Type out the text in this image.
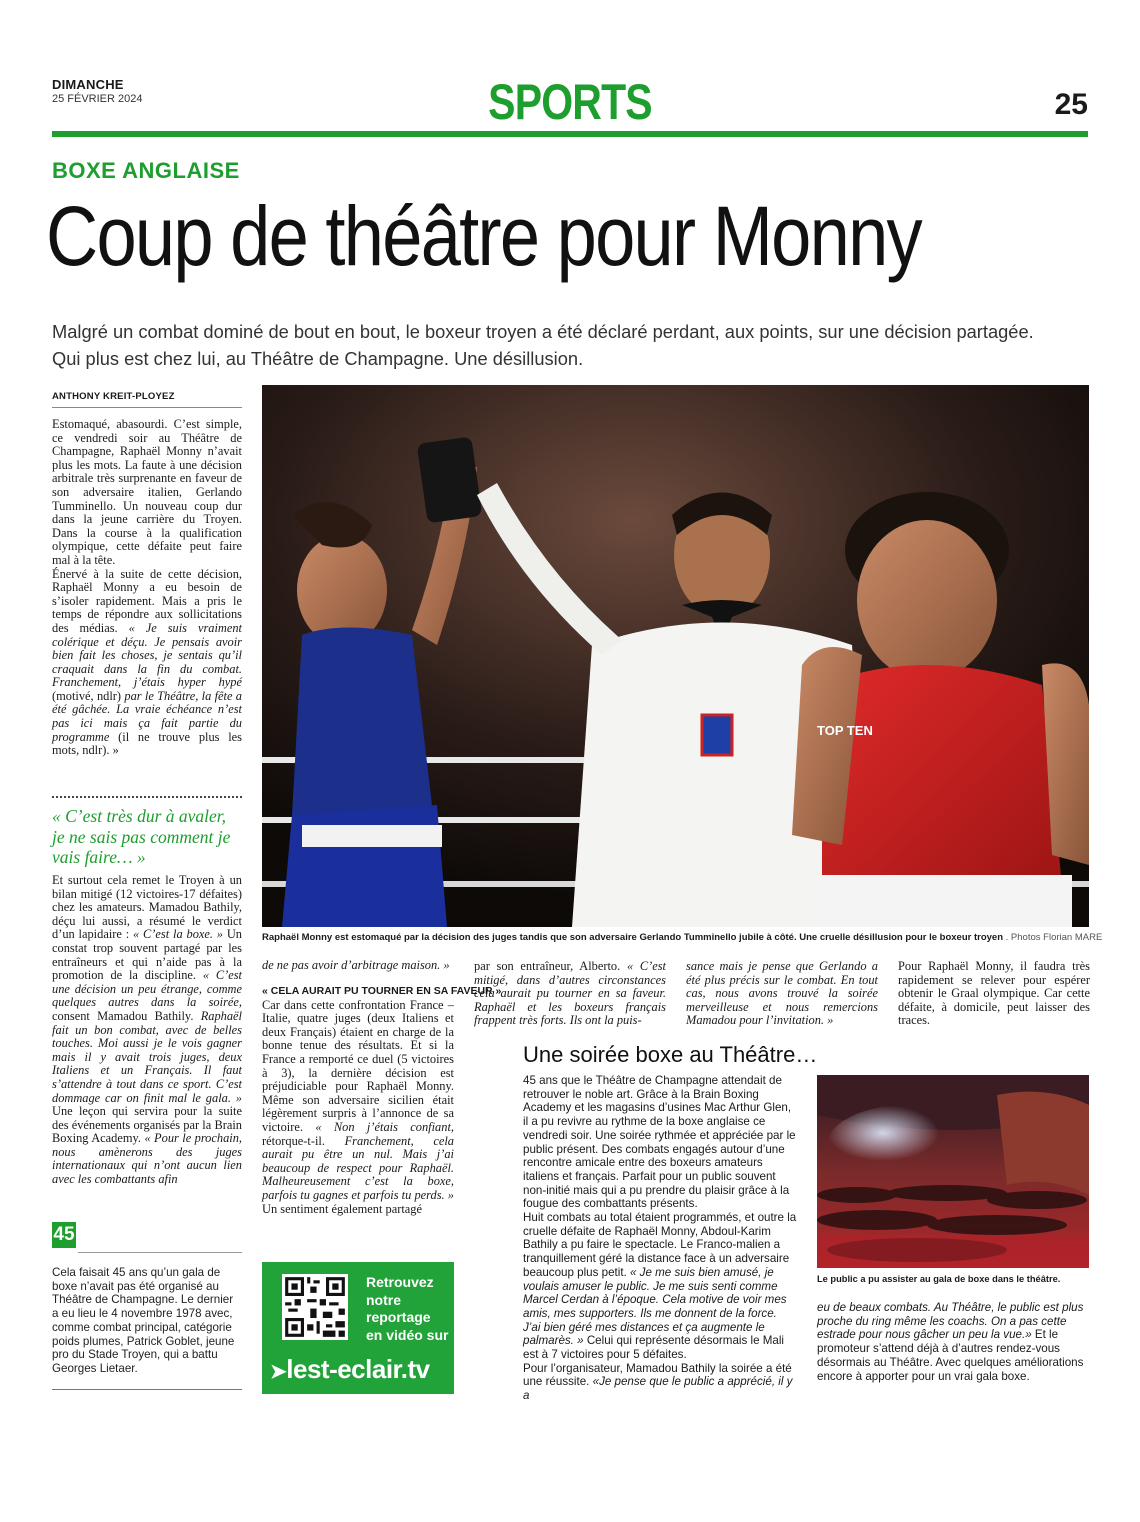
DIMANCHE
25 FÉVRIER 2024	SPORTS	25
BOXE ANGLAISE
Coup de théâtre pour Monny
Malgré un combat dominé de bout en bout, le boxeur troyen a été déclaré perdant, aux points, sur une décision partagée.
Qui plus est chez lui, au Théâtre de Champagne. Une désillusion.
ANTHONY KREIT-PLOYEZ
TOP TEN
Raphaël Monny est estomaqué par la décision des juges tandis que son adversaire Gerlando Tumminello jubile à côté. Une cruelle désillusion pour le boxeur troyen . Photos Florian MARE

Estomaqué, abasourdi. C’est simple, ce vendredi soir au Théâtre de Champagne, Raphaël Monny n’avait plus les mots. La faute à une décision arbitrale très surprenante en faveur de son adversaire italien, Gerlando Tumminello. Un nouveau coup dur dans la jeune carrière du Troyen. Dans la course à la qualification olympique, cette défaite peut faire mal à la tête.

Énervé à la suite de cette décision, Raphaël Monny a eu besoin de s’isoler rapidement. Mais a pris le temps de répondre aux sollicitations des médias. « Je suis vraiment colérique et déçu. Je pensais avoir bien fait les choses, je sentais qu’il craquait dans la fin du combat. Franchement, j’étais hyper hypé (motivé, ndlr) par le Théâtre, la fête a été gâchée. La vraie échéance n’est pas ici mais ça fait partie du programme (il ne trouve plus les mots, ndlr). »

« C’est très dur à avaler, je ne sais pas comment je vais faire… »

Et surtout cela remet le Troyen à un bilan mitigé (12 victoires-17 défaites) chez les amateurs. Mamadou Bathily, déçu lui aussi, a résumé le verdict d’un lapidaire : « C’est la boxe. » Un constat trop souvent partagé par les entraîneurs et qui n’aide pas à la promotion de la discipline. « C’est une décision un peu étrange, comme quelques autres dans la soirée, consent Mamadou Bathily. Raphaël fait un bon combat, avec de belles touches. Moi aussi je le vois gagner mais il y avait trois juges, deux Italiens et un Français. Il faut s’attendre à tout dans ce sport. C’est dommage car on finit mal le gala. » Une leçon qui servira pour la suite des événements organisés par la Brain Boxing Academy. « Pour le prochain, nous amènerons des juges internationaux qui n’ont aucun lien avec les combattants afin

45

Cela faisait 45 ans qu’un gala de boxe n’avait pas été organisé au Théâtre de Champagne. Le dernier a eu lieu le 4 novembre 1978 avec, comme combat principal, catégorie poids plumes, Patrick Goblet, jeune pro du Stade Troyen, qui a battu Georges Lietaer.

de ne pas avoir d’arbitrage maison. »

« CELA AURAIT PU TOURNER EN SA FAVEUR »

Car dans cette confrontation France – Italie, quatre juges (deux Italiens et deux Français) étaient en charge de la bonne tenue des résultats. Et si la France a remporté ce duel (5 victoires à 3), la dernière décision est préjudiciable pour Raphaël Monny. Même son adversaire sicilien était légèrement surpris à l’annonce de sa victoire. « Non j’étais confiant, rétorque-t-il. Franchement, cela aurait pu être un nul. Mais j’ai beaucoup de respect pour Raphaël. Malheureusement c’est la boxe, parfois tu gagnes et parfois tu perds. » Un sentiment également partagé

Retrouvez
notre
reportage
en vidéo sur
➤lest-eclair.tv

par son entraîneur, Alberto. « C’est mitigé, dans d’autres circonstances cela aurait pu tourner en sa faveur. Raphaël et les boxeurs français frappent très forts. Ils ont la puis-

sance mais je pense que Gerlando a été plus précis sur le combat. En tout cas, nous avons trouvé la soirée merveilleuse et nous remercions Mamadou pour l’invitation. »

Pour Raphaël Monny, il faudra très rapidement se relever pour espérer obtenir le Graal olympique. Car cette défaite, à domicile, peut laisser des traces.

Une soirée boxe au Théâtre…

45 ans que le Théâtre de Champagne attendait de retrouver le noble art. Grâce à la Brain Boxing Academy et les magasins d’usines Mac Arthur Glen, il a pu revivre au rythme de la boxe anglaise ce vendredi soir. Une soirée rythmée et appréciée par le public présent. Des combats engagés autour d’une rencontre amicale entre des boxeurs amateurs italiens et français. Parfait pour un public souvent non-initié mais qui a pu prendre du plaisir grâce à la fougue des combattants présents.

Huit combats au total étaient programmés, et outre la cruelle défaite de Raphaël Monny, Abdoul-Karim Bathily a pu faire le spectacle. Le Franco-malien a tranquillement géré la distance face à un adversaire beaucoup plus petit. « Je me suis bien amusé, je voulais amuser le public. Je me suis senti comme Marcel Cerdan à l’époque. Cela motive de voir mes amis, mes supporters. Ils me donnent de la force. J’ai bien géré mes distances et ça augmente le palmarès. » Celui qui représente désormais le Mali est à 7 victoires pour 5 défaites.

Pour l’organisateur, Mamadou Bathily la soirée a été une réussite. «Je pense que le public a apprécié, il y a

Le public a pu assister au gala de boxe dans le théâtre.

eu de beaux combats. Au Théâtre, le public est plus proche du ring même les coachs. On a pas cette estrade pour nous gâcher un peu la vue.» Et le promoteur s’attend déjà à d’autres rendez-vous désormais au Théâtre. Avec quelques améliorations encore à apporter pour un vrai gala boxe.
